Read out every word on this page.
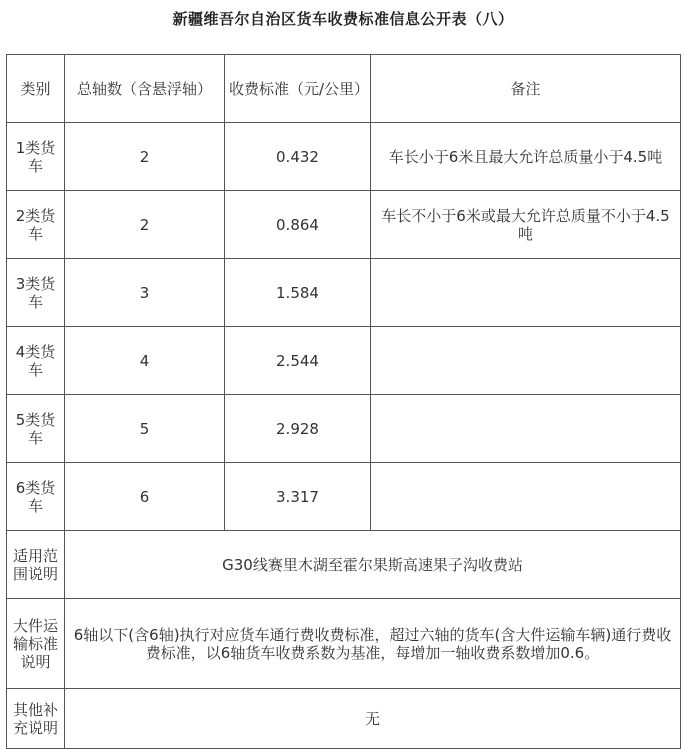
新疆维吾尔自治区货车收费标准信息公开表（八）
类别	总轴数（含悬浮轴）	收费标准（元/公里）	备注
1类货车	2	0.432	车长小于6米且最大允许总质量小于4.5吨
2类货车	2	0.864	车长不小于6米或最大允许总质量不小于4.5吨
3类货车	3	1.584	
4类货车	4	2.544	
5类货车	5	2.928	
6类货车	6	3.317	
适用范围说明	G30线赛里木湖至霍尔果斯高速果子沟收费站		
大件运输标准说明	6轴以下(含6轴)执行对应货车通行费收费标准，超过六轴的货车(含大件运输车辆)通行费收费标准，以6轴货车收费系数为基准，每增加一轴收费系数增加0.6。		
其他补充说明	无		
